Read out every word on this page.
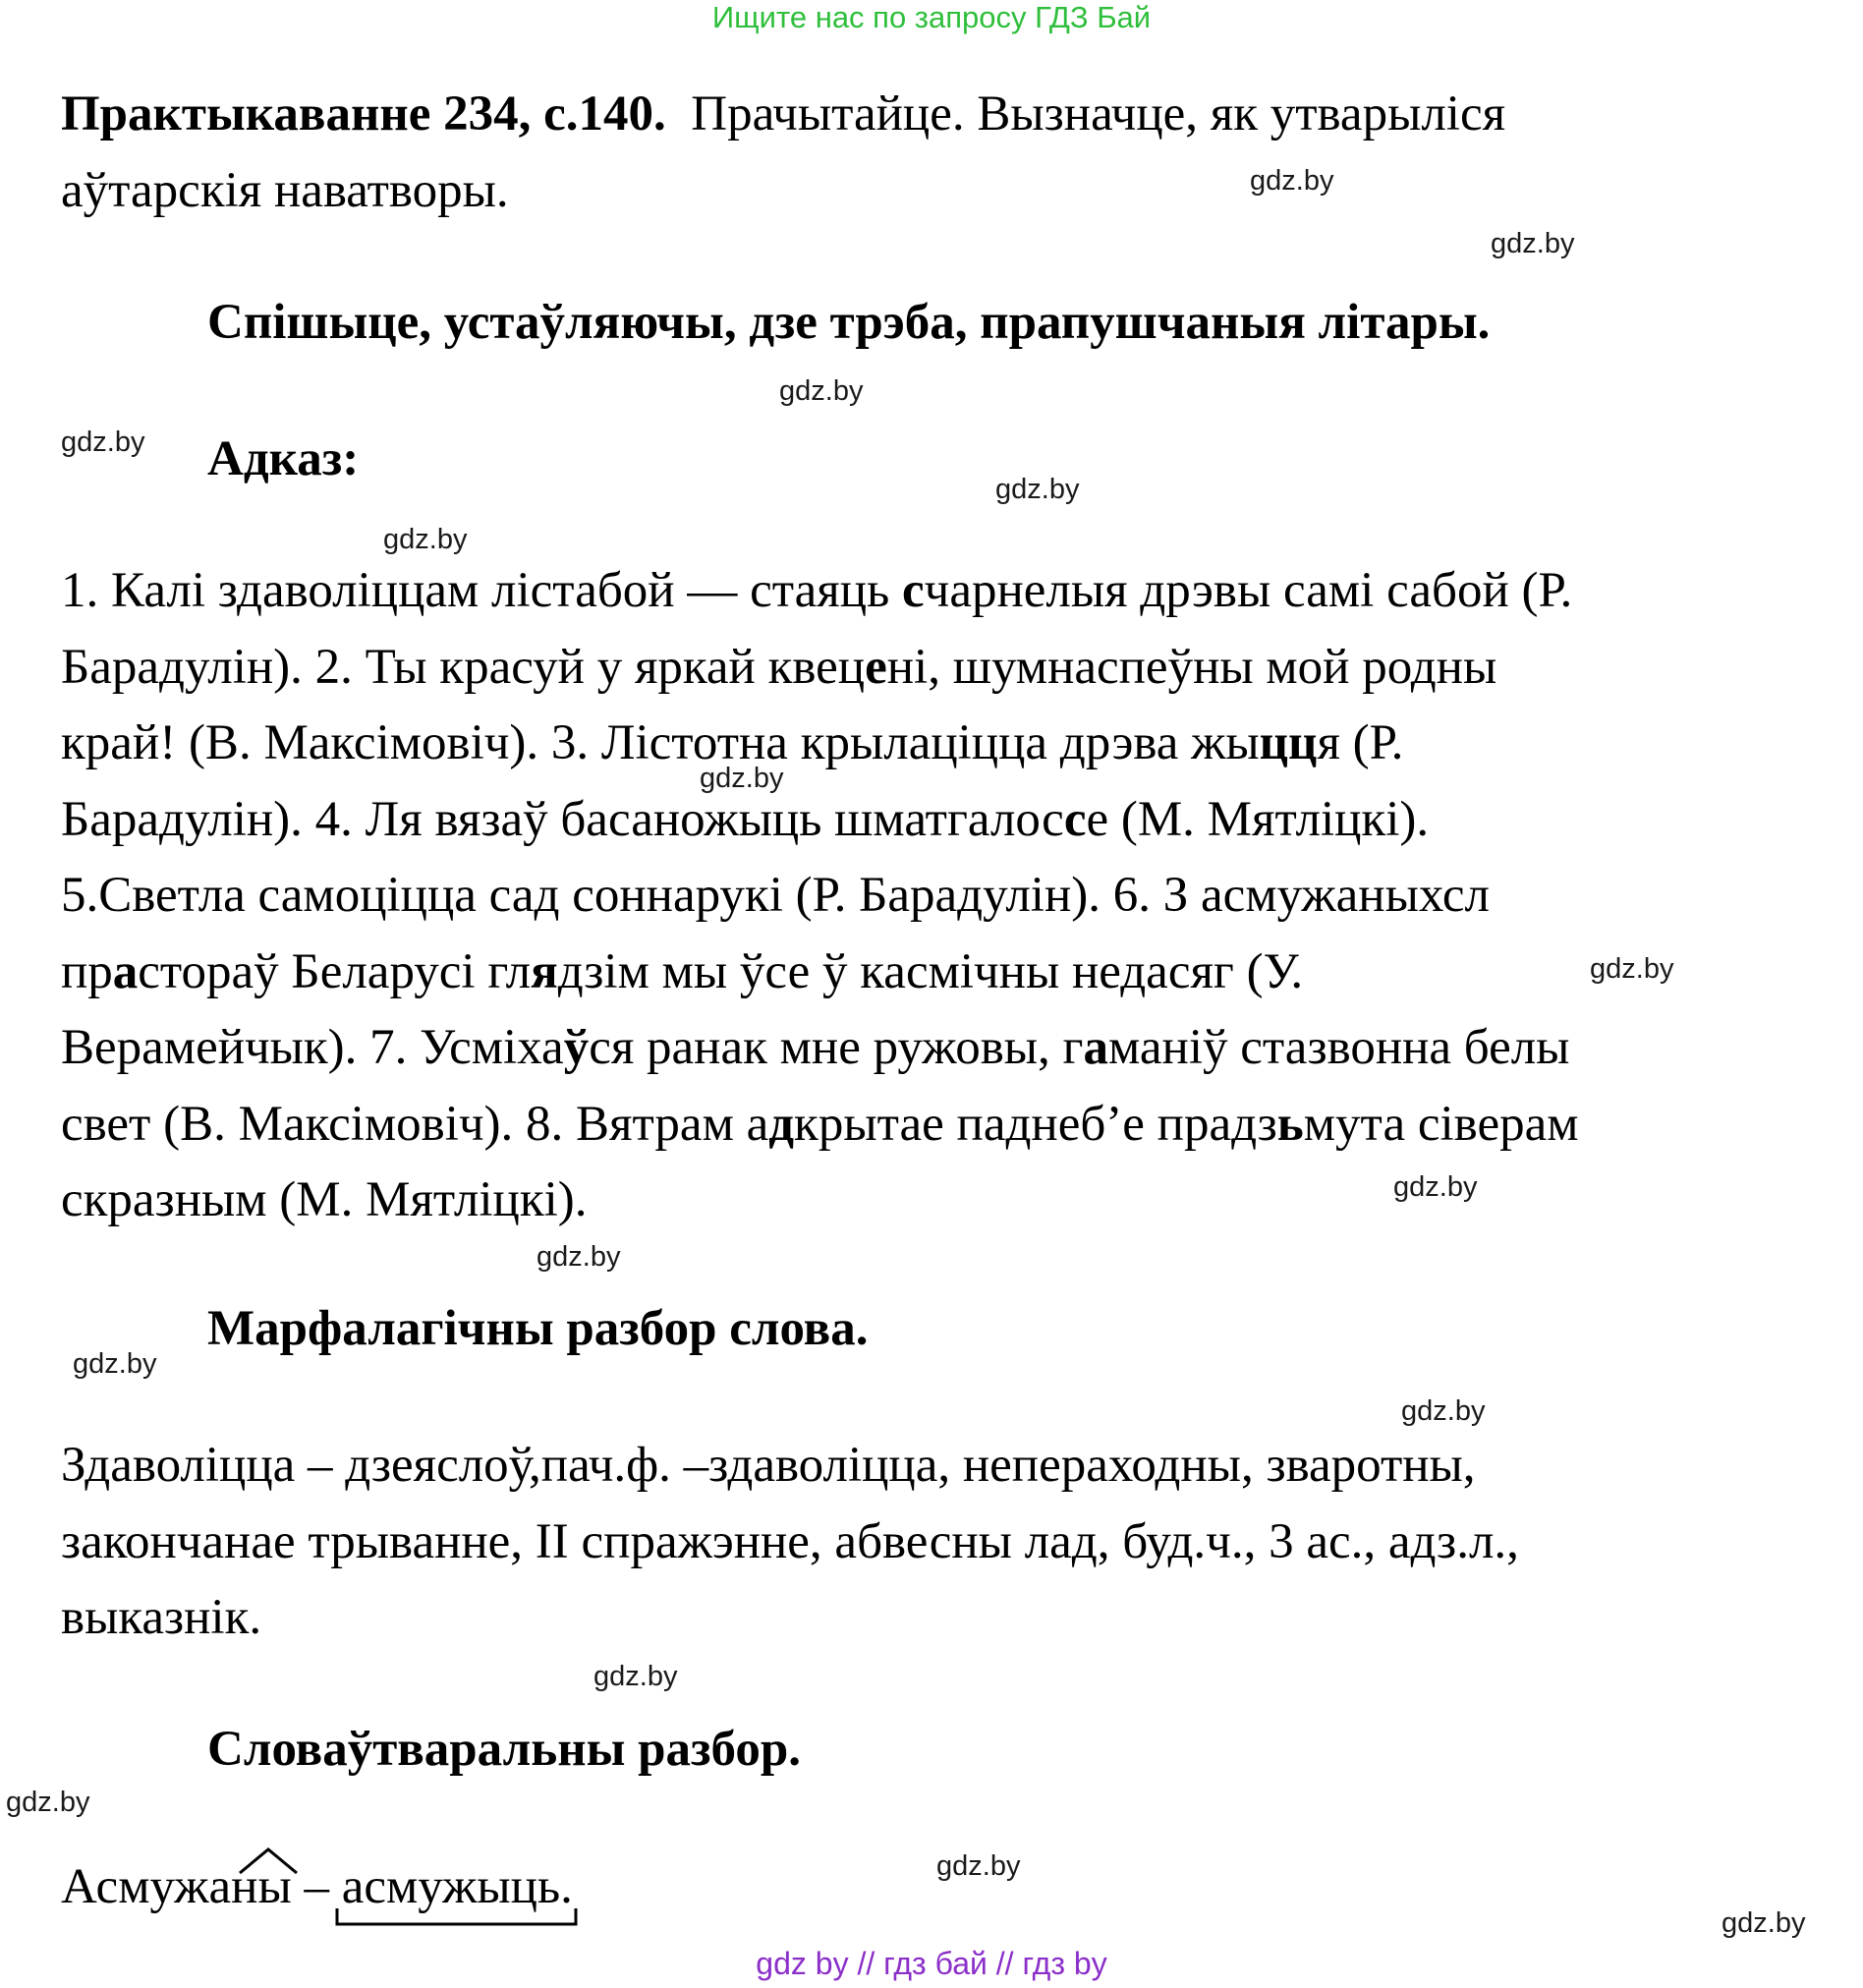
Ищите нас по запросу ГДЗ Бай
Практыкаванне 234, с.140. Прачытайце. Вызначце, як утварыліся
аўтарскія наватворы.
Спішыце, устаўляючы, дзе трэба, прапушчаныя літары.
Адказ:
1. Калі здаволіццам лістабой — стаяць счарнелыя дрэвы самі сабой (Р.
Барадулін). 2. Ты красуй у яркай квецені, шумнаспеўны мой родны
край! (В. Максімовіч). 3. Лістотна крылаціцца дрэва жыцця (Р.
Барадулін). 4. Ля вязаў басаножыць шматгалоссе (М. Мятліцкі).
5.Светла самоціцца сад соннарукі (Р. Барадулін). 6. З асмужаныхсл
прастораў Беларусі глядзім мы ўсе ў касмічны недасяг (У.
Верамейчык). 7. Усміхаўся ранак мне ружовы, гаманіў стазвонна белы
свет (В. Максімовіч). 8. Вятрам адкрытае паднеб’е прадзьмута сіверам
скразным (М. Мятліцкі).
Марфалагічны разбор слова.
Здаволіцца – дзеяслоў,пач.ф. –здаволіцца, непераходны, зваротны,
закончанае трыванне, II спражэнне, абвесны лад, буд.ч., 3 ас., адз.л.,
выказнік.
Словаўтваральны разбор.
Асмужаны
–
асмужыць.
gdz.by
gdz.by
gdz.by
gdz.by
gdz.by
gdz.by
gdz.by
gdz.by
gdz.by
gdz.by
gdz.by
gdz.by
gdz.by
gdz.by
gdz.by
gdz.by
gdz by // гдз бай // гдз by
